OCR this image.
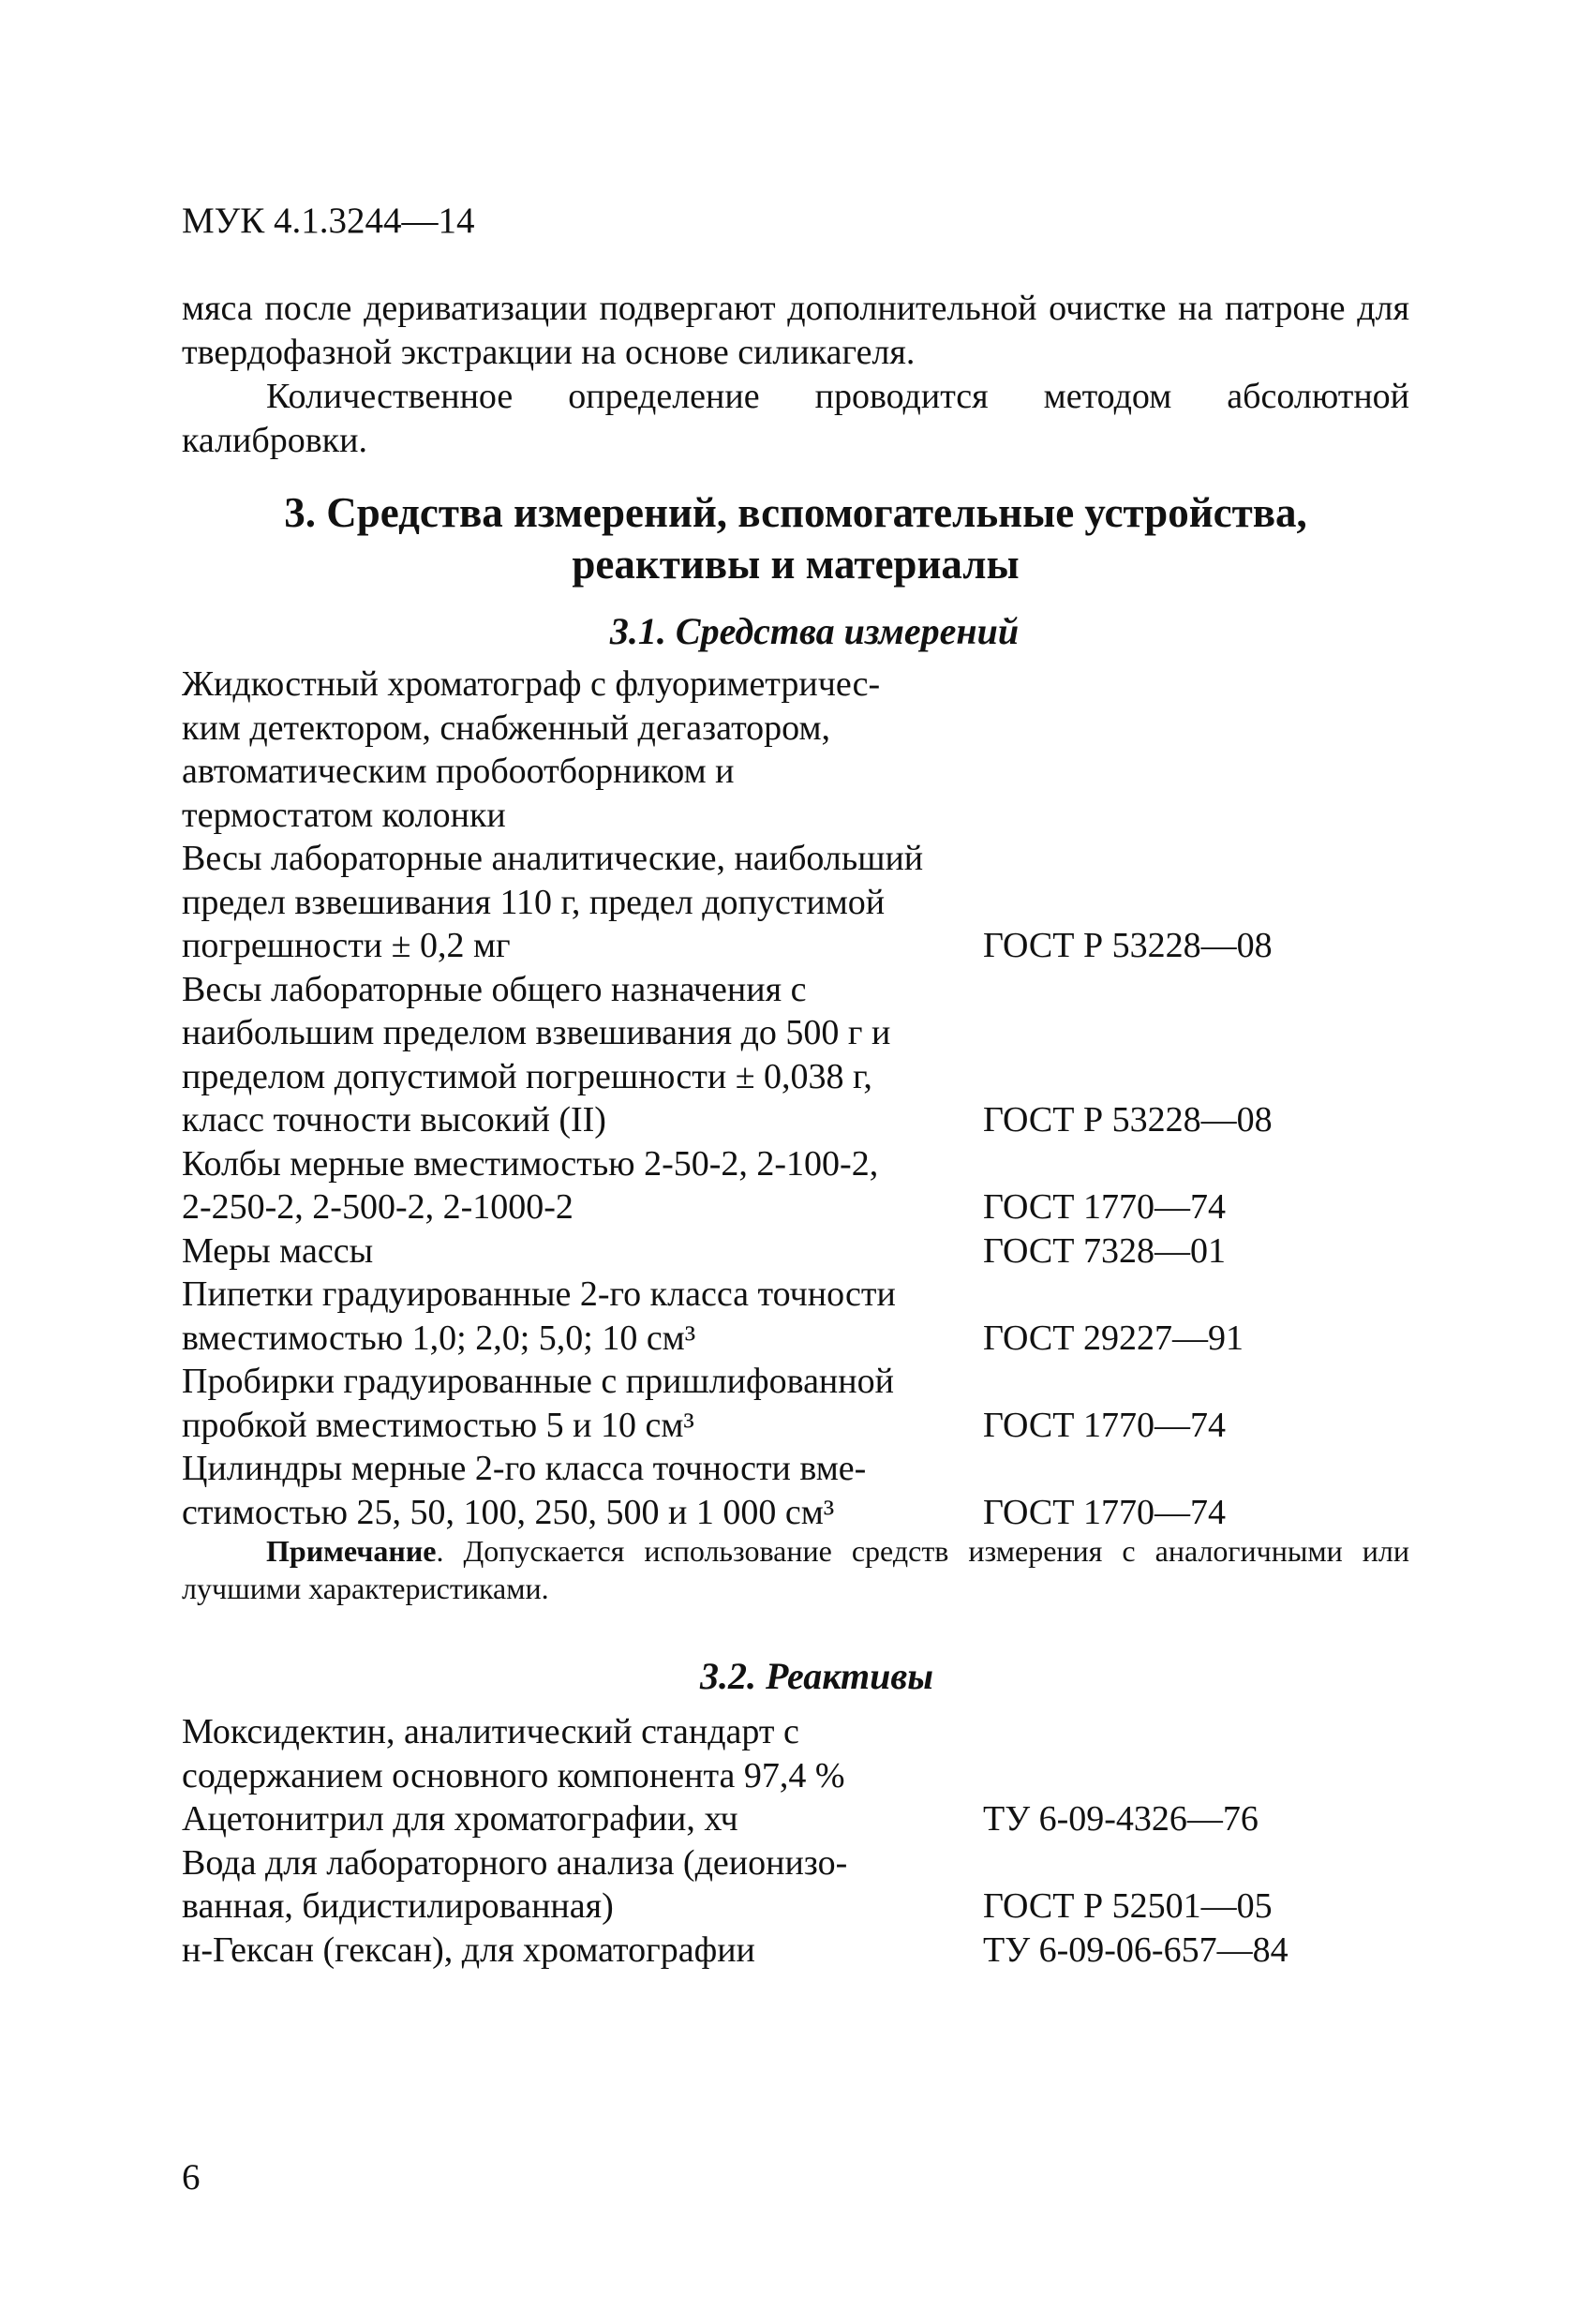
МУК 4.1.3244—14

мяса после дериватизации подвергают дополнительной очистке на патроне для твердофазной экстракции на основе силикагеля.

Количественное определение проводится методом абсолютной калибровки.

3. Средства измерений, вспомогательные устройства,
реактивы и материалы
3.1. Средства измерений
Жидкостный хроматограф с флуориметричес-
ким детектором, снабженный дегазатором,
автоматическим пробоотборником и
термостатом колонки
Весы лабораторные аналитические, наибольший
предел взвешивания 110 г, предел допустимой
погрешности ± 0,2 мг	ГОСТ Р 53228—08
Весы лабораторные общего назначения с
наибольшим пределом взвешивания до 500 г и
пределом допустимой погрешности ± 0,038 г,
класс точности высокий (II)	ГОСТ Р 53228—08
Колбы мерные вместимостью 2-50-2, 2-100-2,
2-250-2, 2-500-2, 2-1000-2	ГОСТ 1770—74
Меры массы	ГОСТ 7328—01
Пипетки градуированные 2-го класса точности
вместимостью 1,0; 2,0; 5,0; 10 см³	ГОСТ 29227—91
Пробирки градуированные с пришлифованной
пробкой вместимостью 5 и 10 см³	ГОСТ 1770—74
Цилиндры мерные 2-го класса точности вме-
стимостью 25, 50, 100, 250, 500 и 1 000 см³	ГОСТ 1770—74
Примечание. Допускается использование средств измерения с аналогичными или лучшими характеристиками.
3.2. Реактивы
Моксидектин, аналитический стандарт с
содержанием основного компонента 97,4 %
Ацетонитрил для хроматографии, хч	ТУ 6-09-4326—76
Вода для лабораторного анализа (деионизо-
ванная, бидистилированная)	ГОСТ Р 52501—05
н-Гексан (гексан), для хроматографии	ТУ 6-09-06-657—84
6
